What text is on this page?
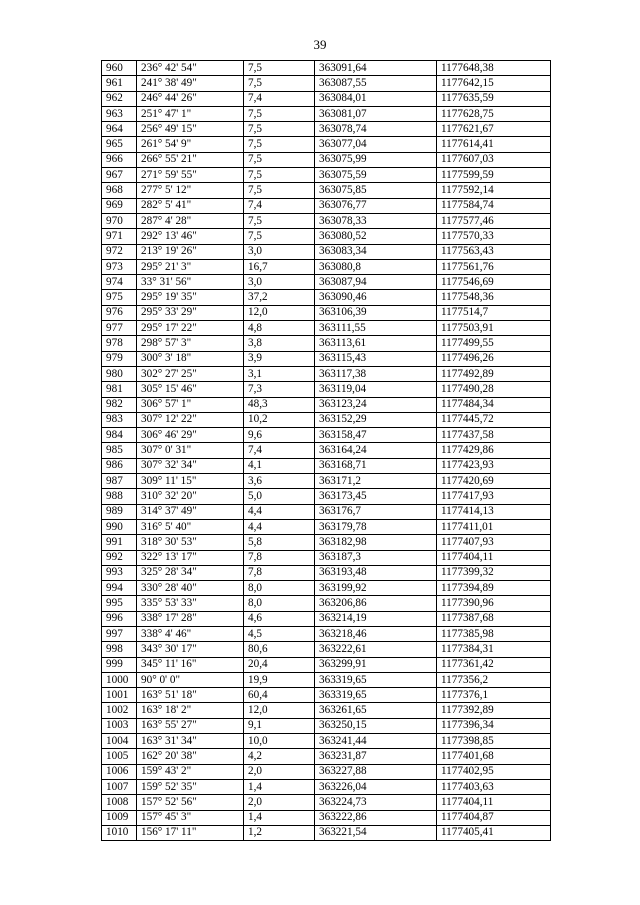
39
960	236° 42' 54"	7,5	363091,64	1177648,38
961	241° 38' 49"	7,5	363087,55	1177642,15
962	246° 44' 26"	7,4	363084,01	1177635,59
963	251° 47' 1"	7,5	363081,07	1177628,75
964	256° 49' 15"	7,5	363078,74	1177621,67
965	261° 54' 9"	7,5	363077,04	1177614,41
966	266° 55' 21"	7,5	363075,99	1177607,03
967	271° 59' 55"	7,5	363075,59	1177599,59
968	277° 5' 12"	7,5	363075,85	1177592,14
969	282° 5' 41"	7,4	363076,77	1177584,74
970	287° 4' 28"	7,5	363078,33	1177577,46
971	292° 13' 46"	7,5	363080,52	1177570,33
972	213° 19' 26"	3,0	363083,34	1177563,43
973	295° 21' 3"	16,7	363080,8	1177561,76
974	33° 31' 56"	3,0	363087,94	1177546,69
975	295° 19' 35"	37,2	363090,46	1177548,36
976	295° 33' 29"	12,0	363106,39	1177514,7
977	295° 17' 22"	4,8	363111,55	1177503,91
978	298° 57' 3"	3,8	363113,61	1177499,55
979	300° 3' 18"	3,9	363115,43	1177496,26
980	302° 27' 25"	3,1	363117,38	1177492,89
981	305° 15' 46"	7,3	363119,04	1177490,28
982	306° 57' 1"	48,3	363123,24	1177484,34
983	307° 12' 22"	10,2	363152,29	1177445,72
984	306° 46' 29"	9,6	363158,47	1177437,58
985	307° 0' 31"	7,4	363164,24	1177429,86
986	307° 32' 34"	4,1	363168,71	1177423,93
987	309° 11' 15"	3,6	363171,2	1177420,69
988	310° 32' 20"	5,0	363173,45	1177417,93
989	314° 37' 49"	4,4	363176,7	1177414,13
990	316° 5' 40"	4,4	363179,78	1177411,01
991	318° 30' 53"	5,8	363182,98	1177407,93
992	322° 13' 17"	7,8	363187,3	1177404,11
993	325° 28' 34"	7,8	363193,48	1177399,32
994	330° 28' 40"	8,0	363199,92	1177394,89
995	335° 53' 33"	8,0	363206,86	1177390,96
996	338° 17' 28"	4,6	363214,19	1177387,68
997	338° 4' 46"	4,5	363218,46	1177385,98
998	343° 30' 17"	80,6	363222,61	1177384,31
999	345° 11' 16"	20,4	363299,91	1177361,42
1000	90° 0' 0"	19,9	363319,65	1177356,2
1001	163° 51' 18"	60,4	363319,65	1177376,1
1002	163° 18' 2"	12,0	363261,65	1177392,89
1003	163° 55' 27"	9,1	363250,15	1177396,34
1004	163° 31' 34"	10,0	363241,44	1177398,85
1005	162° 20' 38"	4,2	363231,87	1177401,68
1006	159° 43' 2"	2,0	363227,88	1177402,95
1007	159° 52' 35"	1,4	363226,04	1177403,63
1008	157° 52' 56"	2,0	363224,73	1177404,11
1009	157° 45' 3"	1,4	363222,86	1177404,87
1010	156° 17' 11"	1,2	363221,54	1177405,41
